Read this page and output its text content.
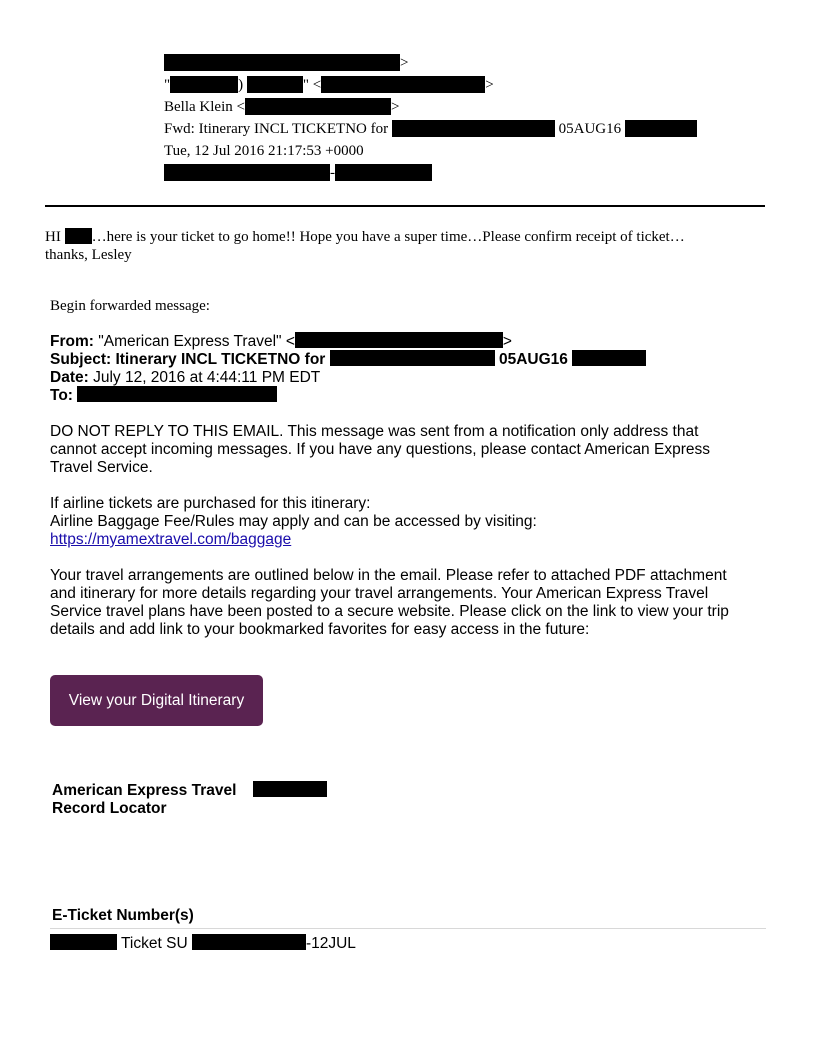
>
"	)	" <	>
Bella Klein <	>
Fwd: Itinerary INCL TICKETNO for	05AUG16
Tue, 12 Jul 2016 21:17:53 +0000
-
HI …here is your ticket to go home!! Hope you have a super time…Please confirm receipt of ticket…
thanks, Lesley
Begin forwarded message:
From: "American Express Travel" <	>
Subject: Itinerary INCL TICKETNO for	05AUG16
Date: July 12, 2016 at 4:44:11 PM EDT
To:
DO NOT REPLY TO THIS EMAIL. This message was sent from a notification only address that
cannot accept incoming messages. If you have any questions, please contact American Express
Travel Service.
If airline tickets are purchased for this itinerary:
Airline Baggage Fee/Rules may apply and can be accessed by visiting:
https://myamextravel.com/baggage
Your travel arrangements are outlined below in the email. Please refer to attached PDF attachment
and itinerary for more details regarding your travel arrangements. Your American Express Travel
Service travel plans have been posted to a secure website. Please click on the link to view your trip
details and add link to your bookmarked favorites for easy access in the future:
View your Digital Itinerary
American Express Travel
Record Locator
E-Ticket Number(s)
Ticket SU	-12JUL
